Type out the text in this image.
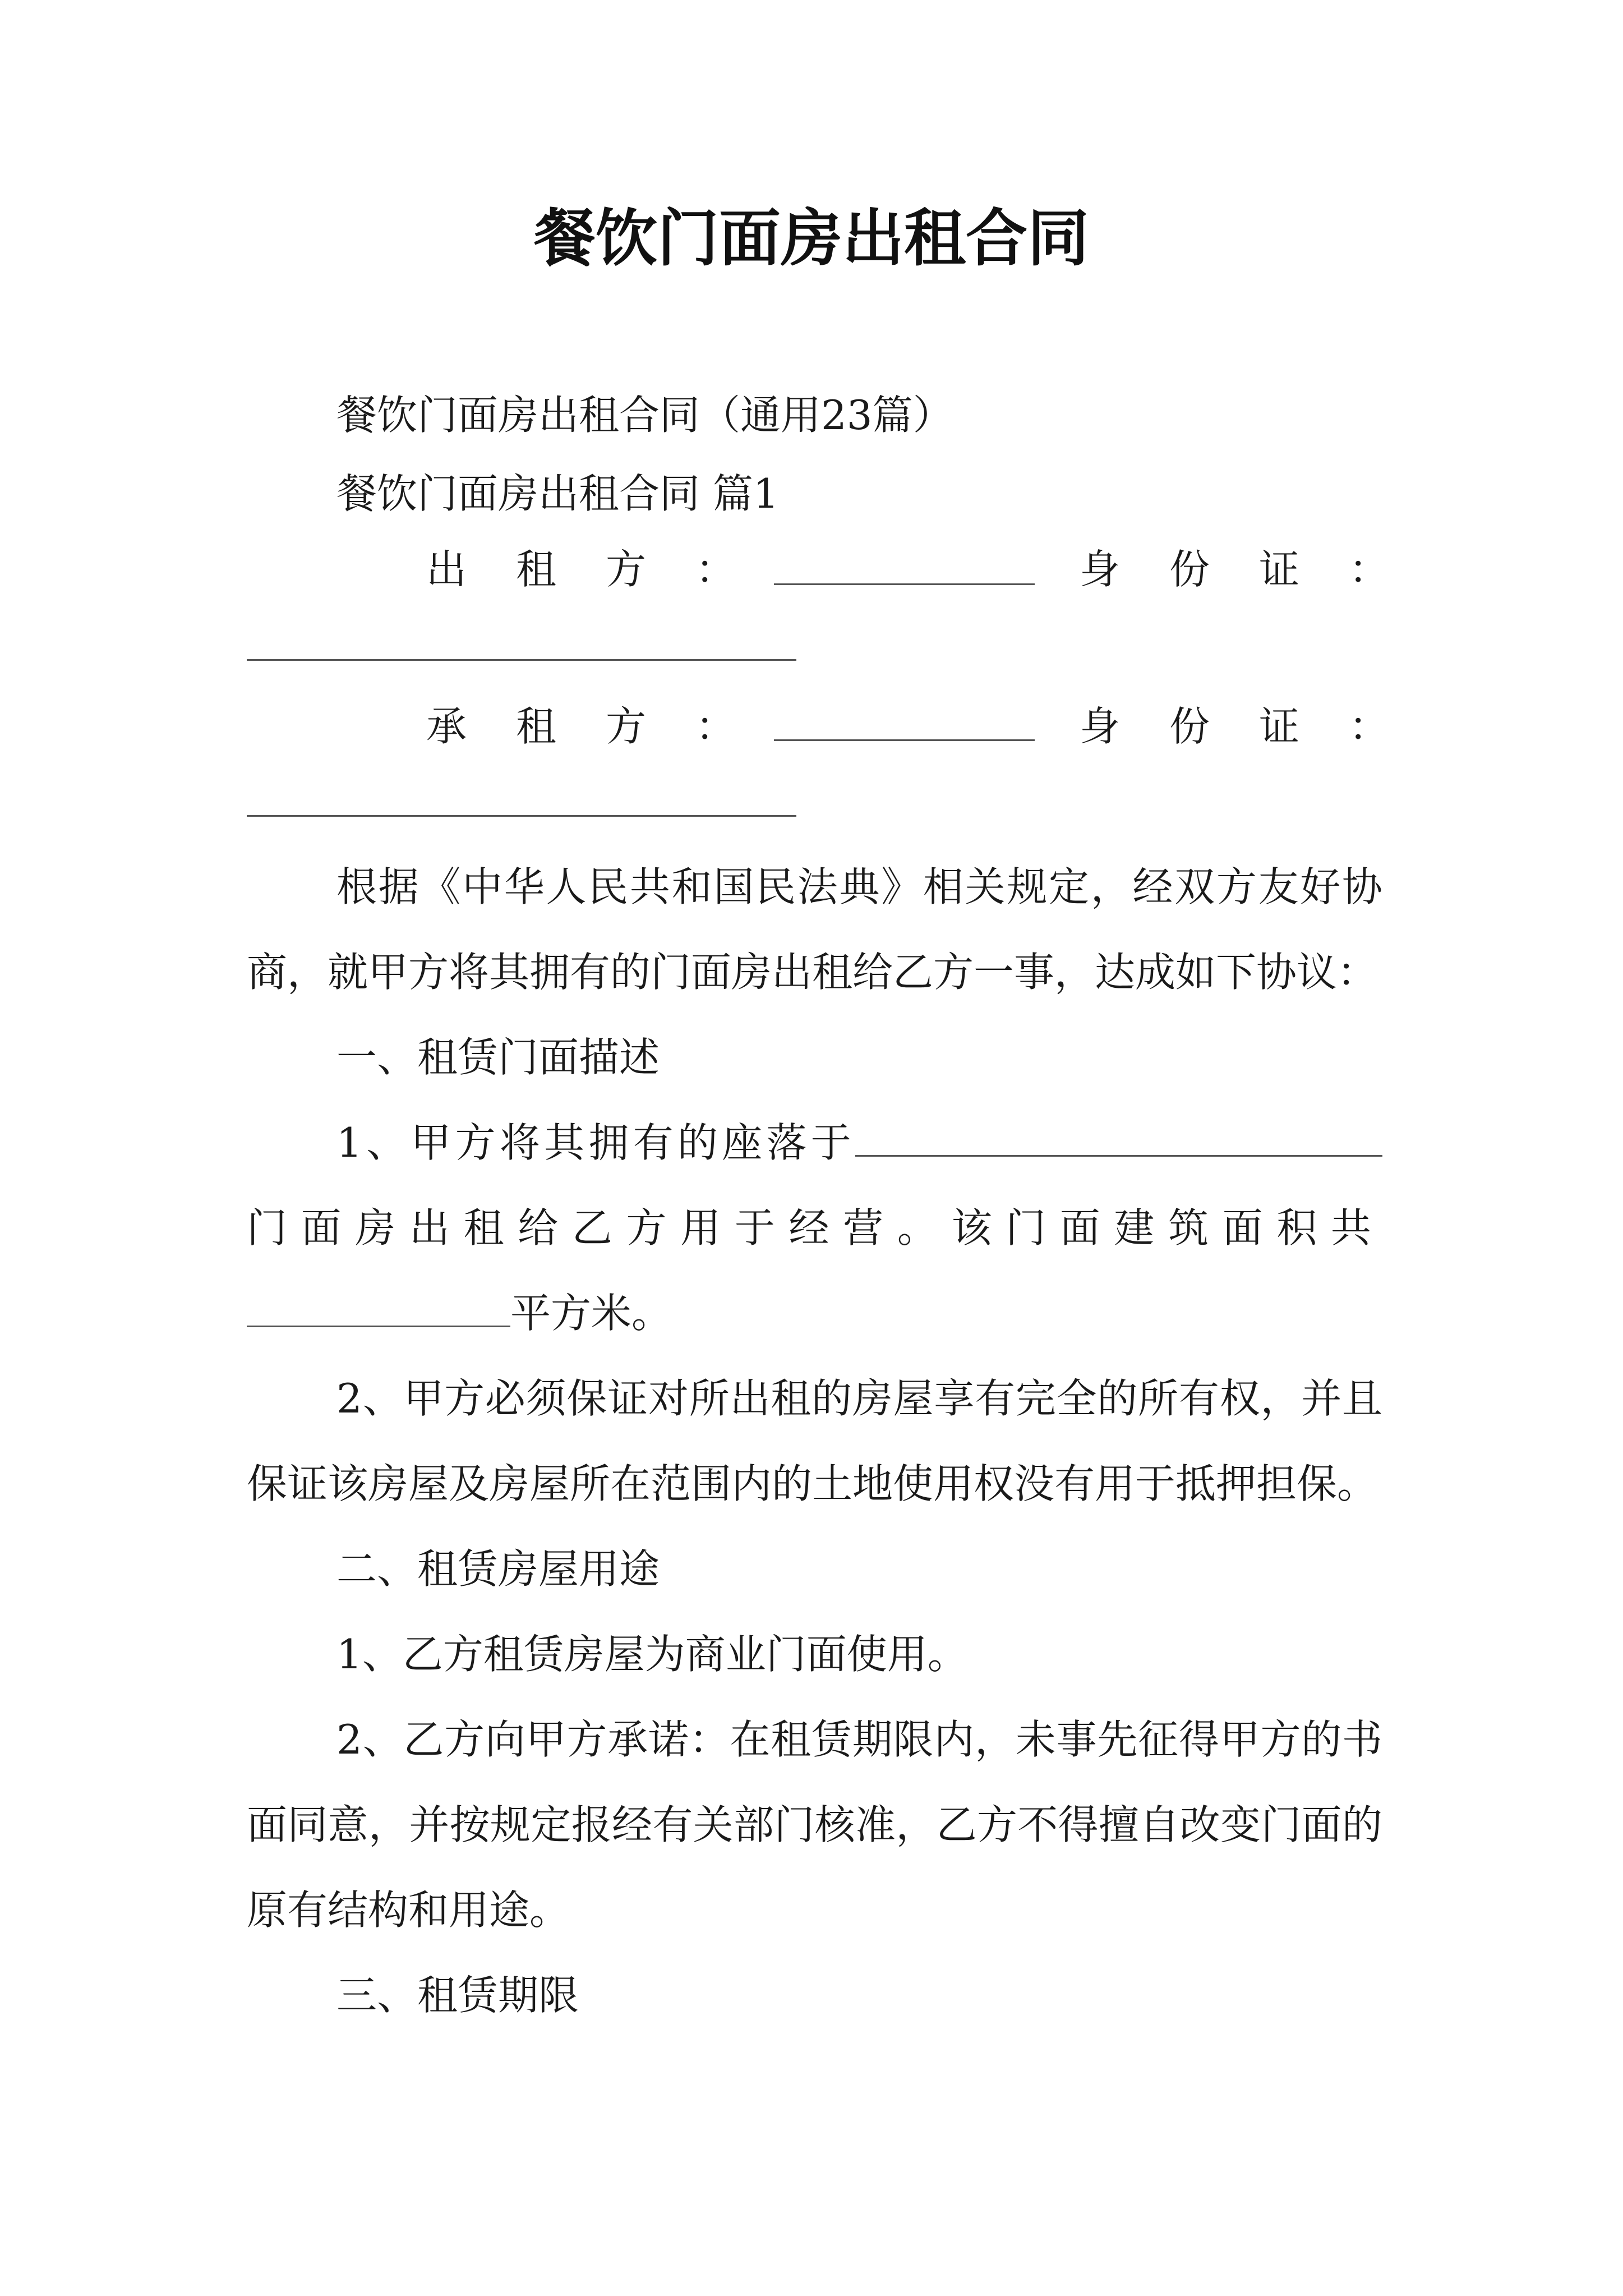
餐饮门面房出租合同
餐饮门面房出租合同（通用23篇）
餐饮门面房出租合同 篇1
出租方：	身份证：
承租方：	身份证：

根据《中华人民共和国民法典》相关规定，经双方友好协商，就甲方将其拥有的门面房出租给乙方一事，达成如下协议：

一、租赁门面描述

1、甲方将其拥有的座落于 门面房出租给乙方用于经营。该门面建筑面积共平方米。

2、甲方必须保证对所出租的房屋享有完全的所有权，并且保证该房屋及房屋所在范围内的土地使用权没有用于抵押担保。

二、租赁房屋用途

1、乙方租赁房屋为商业门面使用。

2、乙方向甲方承诺：在租赁期限内，未事先征得甲方的书面同意，并按规定报经有关部门核准，乙方不得擅自改变门面的原有结构和用途。

三、租赁期限
